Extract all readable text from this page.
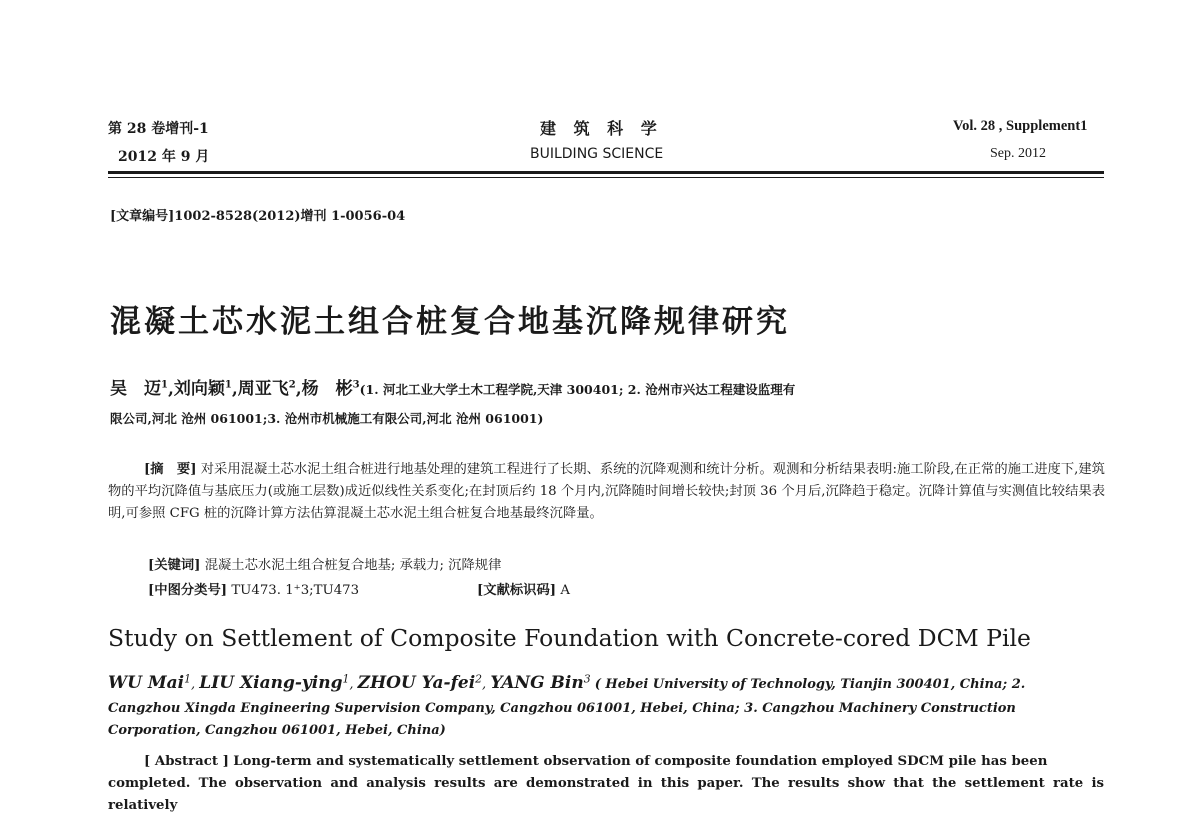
第 28 卷增刊-1
2012 年 9 月
建 筑 科 学
BUILDING SCIENCE
Vol. 28 , Supplement1
Sep. 2012
[文章编号]1002-8528(2012)增刊 1-0056-04
混凝土芯水泥土组合桩复合地基沉降规律研究
吴　迈$^1$,刘向颖$^1$,周亚飞$^2$,杨　彬$^3$(1. 河北工业大学土木工程学院,天津 300401; 2. 沧州市兴达工程建设监理有
限公司,河北 沧州 061001;3. 沧州市机械施工有限公司,河北 沧州 061001)
[摘　要] 对采用混凝土芯水泥土组合桩进行地基处理的建筑工程进行了长期、系统的沉降观测和统计分析。观测和分析结果表明:施工阶段,在正常的施工进度下,建筑物的平均沉降值与基底压力(或施工层数)成近似线性关系变化;在封顶后约 18 个月内,沉降随时间增长较快;封顶 36 个月后,沉降趋于稳定。沉降计算值与实测值比较结果表明,可参照 CFG 桩的沉降计算方法估算混凝土芯水泥土组合桩复合地基最终沉降量。
[关键词] 混凝土芯水泥土组合桩复合地基; 承载力; 沉降规律
[中图分类号] TU473. 1⁺3;TU473	[文献标识码] A
Study on Settlement of Composite Foundation with Concrete-cored DCM Pile
WU Mai$^1$, LIU Xiang-ying$^1$, ZHOU Ya-fei$^2$, YANG Bin$^3$ ( Hebei University of Technology, Tianjin 300401, China; 2.
Cangzhou Xingda Engineering Supervision Company, Cangzhou 061001, Hebei, China; 3. Cangzhou Machinery Construction
Corporation, Cangzhou 061001, Hebei, China)
[ Abstract ] Long-term and systematically settlement observation of composite foundation employed SDCM pile has been
completed. The observation and analysis results are demonstrated in this paper. The results show that the settlement rate is relatively
